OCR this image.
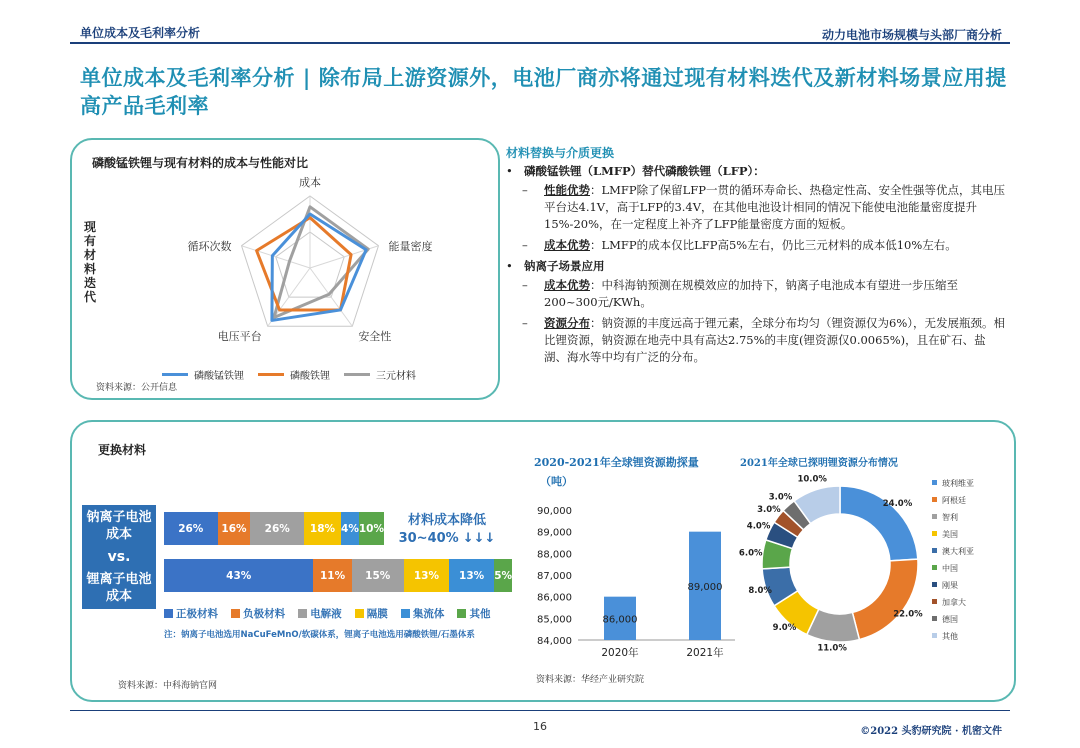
单位成本及毛利率分析	动力电池市场规模与头部厂商分析
单位成本及毛利率分析 | 除布局上游资源外，电池厂商亦将通过现有材料迭代及新材料场景应用提高产品毛利率
磷酸锰铁锂与现有材料的成本与性能对比
现有材料迭代
成本
能量密度
安全性
电压平台
循环次数
磷酸锰铁锂	磷酸铁锂	三元材料
资料来源：公开信息
材料替换与介质更换
• 磷酸锰铁锂（LMFP）替代磷酸铁锂（LFP）：
–	性能优势：LMFP除了保留LFP一贯的循环寿命长、热稳定性高、安全性强等优点，其电压平台达4.1V，高于LFP的3.4V，在其他电池设计相同的情况下能使电池能量密度提升15%-20%，在一定程度上补齐了LFP能量密度方面的短板。
–	成本优势：LMFP的成本仅比LFP高5%左右，仍比三元材料的成本低10%左右。
• 钠离子场景应用
–	成本优势：中科海钠预测在规模效应的加持下，钠离子电池成本有望进一步压缩至200~300元/KWh。
–	资源分布：钠资源的丰度远高于锂元素，全球分布均匀（锂资源仅为6%），无发展瓶颈。相比锂资源，钠资源在地壳中具有高达2.75%的丰度(锂资源仅0.0065%)，且在矿石、盐湖、海水等中均有广泛的分布。
更换材料
钠离子电池成本
vs.
锂离子电池成本
26%	16%	26%	18% 4% 10%
43%	11%	15%	13%	13% 5%
材料成本降低30~40% ↓↓↓
正极材料
负极材料
电解液
隔膜
集流体
其他
注：钠离子电池选用NaCuFeMnO/软碳体系，锂离子电池选用磷酸铁锂/石墨体系
资料来源：中科海钠官网
2020-2021年全球锂资源勘探量
（吨）
84,000
85,000
86,000
87,000
88,000
89,000
90,000
86,000
2020年
89,000
2021年
资料来源：华经产业研究院
2021年全球已探明锂资源分布情况
24.0%
22.0%
11.0%
9.0%
8.0%
6.0%
4.0%
3.0%
3.0%
10.0%	玻利维亚
阿根廷
智利
美国
澳大利亚
中国
刚果
加拿大
德国
其他
16	©2022 头豹研究院 · 机密文件
